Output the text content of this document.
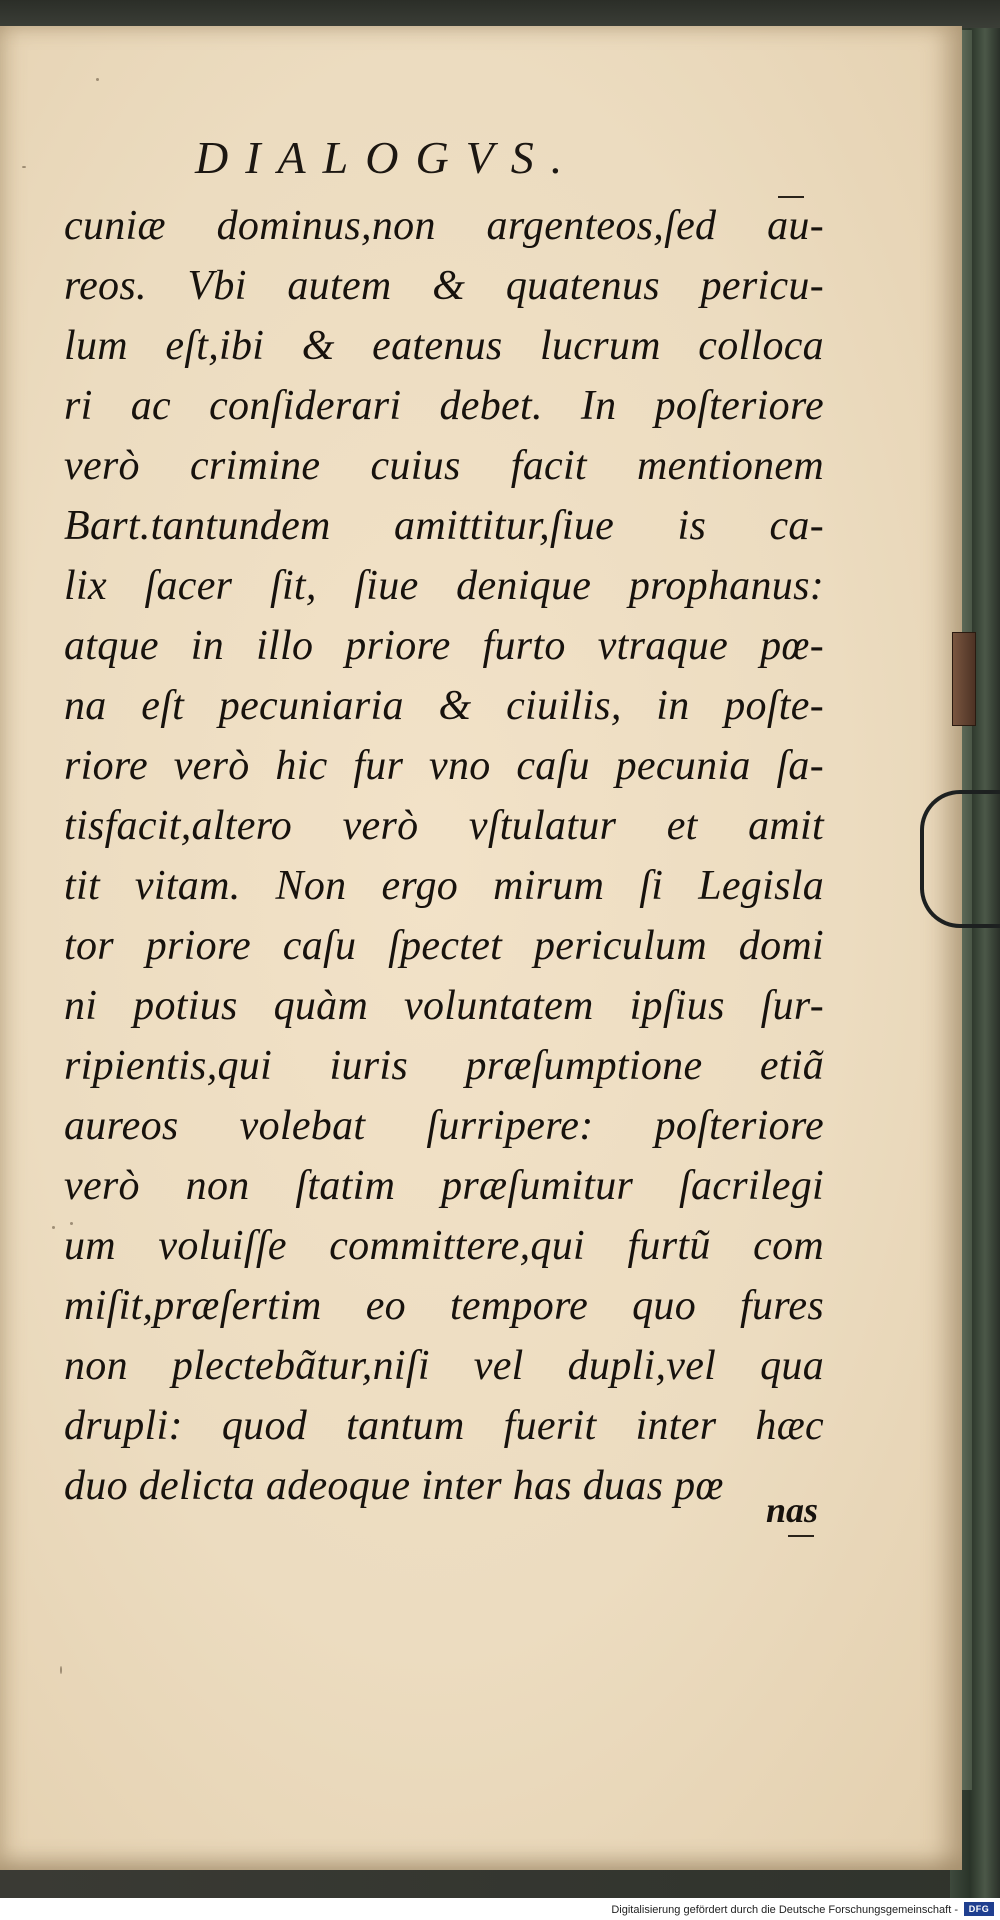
DIALOGVS.
cuniæ dominus,non argenteos,ſed au-
reos. Vbi autem & quatenus pericu-
lum eſt,ibi & eatenus lucrum colloca
ri ac conſiderari debet. In poſteriore
verò crimine cuius facit mentionem
Bart.tantundem amittitur,ſiue is ca-
lix ſacer ſit, ſiue denique prophanus:
atque in illo priore furto vtraque pœ-
na eſt pecuniaria & ciuilis, in poſte-
riore verò hic fur vno caſu pecunia ſa-
tisfacit,altero verò vſtulatur et amit
tit vitam. Non ergo mirum ſi Legisla
tor priore caſu ſpectet periculum domi
ni potius quàm voluntatem ipſius ſur-
ripientis,qui iuris præſumptione etiã
aureos volebat ſurripere: poſteriore
verò non ſtatim præſumitur ſacrilegi
um voluiſſe committere,qui furtũ com
miſit,præſertim eo tempore quo fures
non plectebãtur,niſi vel dupli,vel qua
drupli: quod tantum fuerit inter hæc
duo delicta adeoque inter has duas pœ
nas
Digitalisierung gefördert durch die Deutsche Forschungsgemeinschaft -	DFG
